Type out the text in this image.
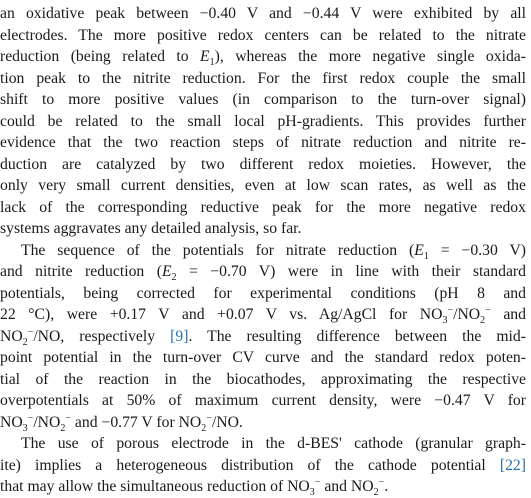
an oxidative peak between −0.40 V and −0.44 V were exhibited by all
electrodes. The more positive redox centers can be related to the nitrate
reduction (being related to $E_1$), whereas the more negative single oxida-
tion peak to the nitrite reduction. For the first redox couple the small
shift to more positive values (in comparison to the turn-over signal)
could be related to the small local pH-gradients. This provides further
evidence that the two reaction steps of nitrate reduction and nitrite re-
duction are catalyzed by two different redox moieties. However, the
only very small current densities, even at low scan rates, as well as the
lack of the corresponding reductive peak for the more negative redox
systems aggravates any detailed analysis, so far.
The sequence of the potentials for nitrate reduction ($E_1 = -0.30$ V)
and nitrite reduction ($E_2 = -0.70$ V) were in line with their standard
potentials, being corrected for experimental conditions (pH 8 and
22 °C), were +0.17 V and +0.07 V vs. Ag/AgCl for $NO_3^-/NO_2^-$ and
$NO_2^-/NO$, respectively [9]. The resulting difference between the mid-
point potential in the turn-over CV curve and the standard redox poten-
tial of the reaction in the biocathodes, approximating the respective
overpotentials at 50% of maximum current density, were −0.47 V for
$NO_3^-/NO_2^-$ and −0.77 V for $NO_2^-/NO$.
The use of porous electrode in the d-BES' cathode (granular graph-
ite) implies a heterogeneous distribution of the cathode potential [22]
that may allow the simultaneous reduction of $NO_3^-$ and $NO_2^-$.
